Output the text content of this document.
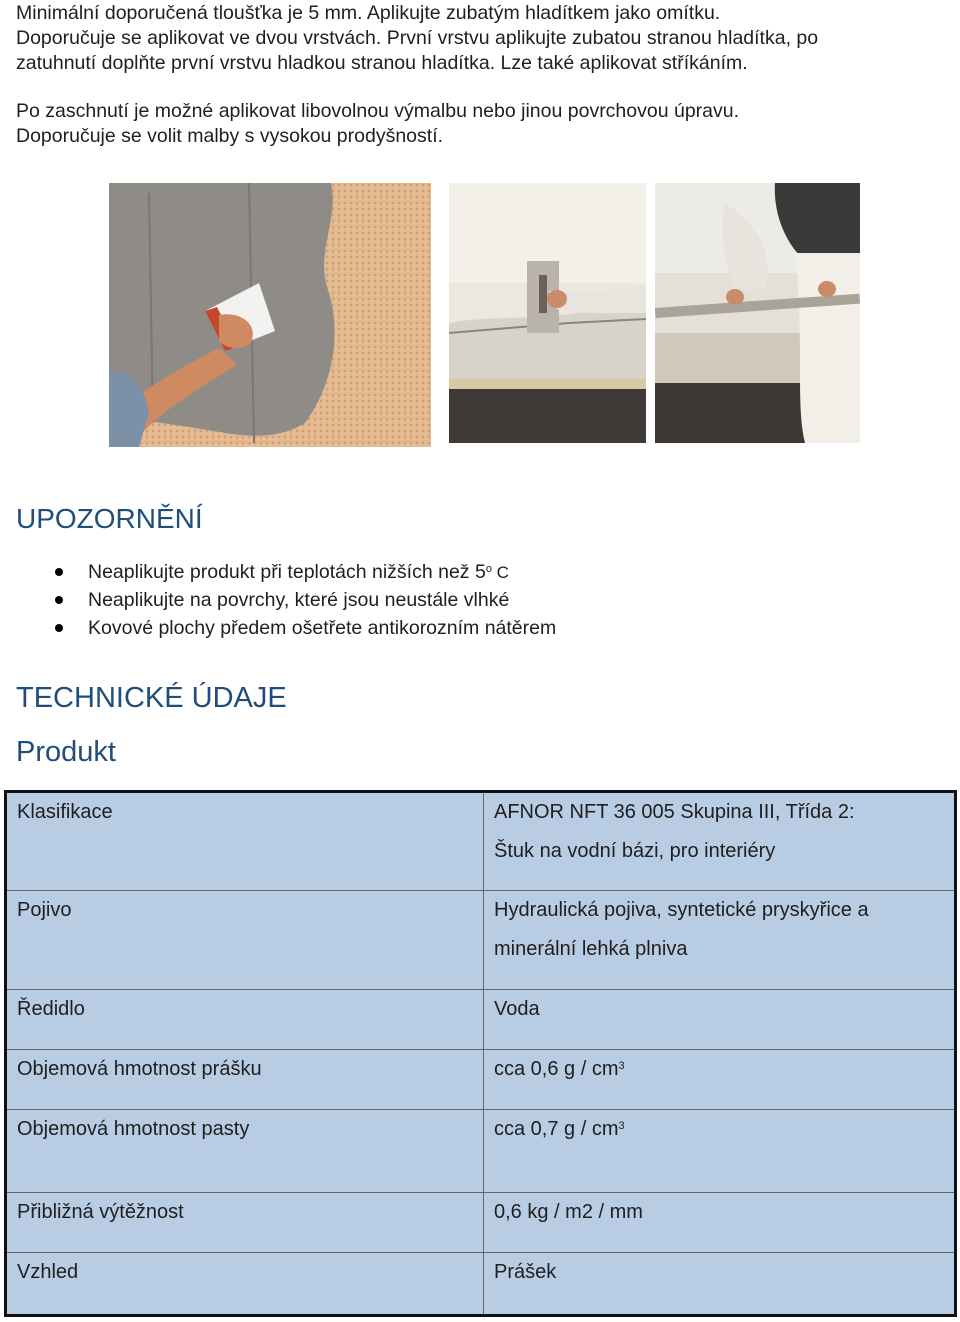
Minimální doporučená tloušťka je 5 mm. Aplikujte zubatým hladítkem jako omítku.
Doporučuje se aplikovat ve dvou vrstvách. První vrstvu aplikujte zubatou stranou hladítka, po
zatuhnutí doplňte první vrstvu hladkou stranou hladítka. Lze také aplikovat stříkáním.

Po zaschnutí je možné aplikovat libovolnou výmalbu nebo jinou povrchovou úpravu.
Doporučuje se volit malby s vysokou prodyšností.

UPOZORNĚNÍ
Neaplikujte produkt při teplotách nižších než 5$^o$ C
Neaplikujte na povrchy, které jsou neustále vlhké
Kovové plochy předem ošetřete antikorozním nátěrem
TECHNICKÉ ÚDAJE
Produkt
Klasifikace	AFNOR NFT 36 005 Skupina III, Třída 2:
Štuk na vodní bázi, pro interiéry

Pojivo	Hydraulická pojiva, syntetické pryskyřice a
minerální lehká plniva

Ředidlo	Voda

Objemová hmotnost prášku	cca 0,6 g / $cm^3$
Objemová hmotnost pasty	cca 0,7 g / $cm^3$
Přibližná výtěžnost	0,6 kg / m2 / mm

Vzhled	Prášek
